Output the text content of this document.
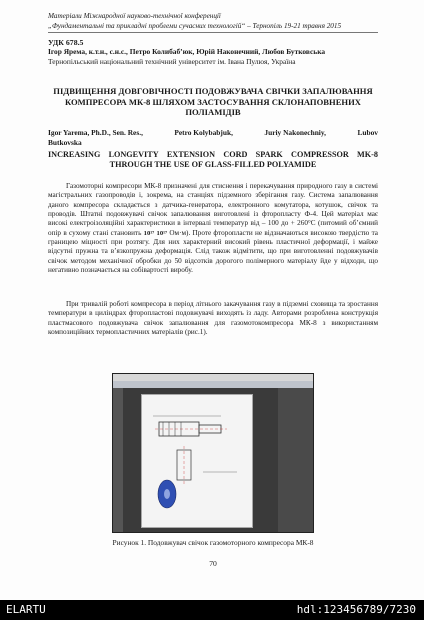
Матеріали Міжнародної науково-технічної конференції
„Фундаментальні та прикладні проблеми сучасних технологій“ – Тернопіль 19-21 травня 2015
УДК 678.5
Ігор Ярема, к.т.н., с.н.с., Петро Колибаб’юк, Юрій Наконечний, Любов Бутковська
Тернопільський національний технічний університет ім. Івана Пулюя, Україна
ПІДВИЩЕННЯ ДОВГОВІЧНОСТІ ПОДОВЖУВАЧА СВІЧКИ ЗАПАЛЮВАННЯ КОМПРЕСОРА МК-8 ШЛЯХОМ ЗАСТОСУВАННЯ СКЛОНАПОВНЕНИХ ПОЛІАМІДІВ
Igor Yarema, Ph.D., Sen. Res.,	Petro Kolybabjuk,	Juriy Nakonechniy,	Lubov
Butkovska
INCREASING LONGEVITY EXTENSION CORD SPARK COMPRESSOR MK-8
THROUGH THE USE OF GLASS-FILLED POLYAMIDE
Газомоторні компресори МК-8 призначені для стиснення і перекачування природного газу в системі магістральних газопроводів і, зокрема, на станціях підземного зберігання газу. Система запалювання даного компресора складається з датчика-генератора, електронного комутатора, котушок, свічок та проводів. Штатні подовжувачі свічок запалювання виготовлені із фторопласту Ф-4. Цей матеріал має високі електроізоляційні характеристики в інтервалі температур від – 100 до + 260°С (питомий об’ємний опір в сухому стані становить 10¹⁷ 10¹⁷ Ом·м). Проте фторопласти не відзначаються високою твердістю та границею міцності при розтягу. Для них характерний високий рівень пластичної деформації, і майже відсутні пружна та в’язкопружна деформація. Слід також відмітити, що при виготовленні подовжувачів свічок методом механічної обробки до 50 відсотків дорогого полімерного матеріалу йде у відходи, що негативно позначається на собівартості виробу.
При тривалій роботі компресора в період літнього закачування газу в підземні сховища та зростання температури в циліндрах фторопластові подовжувачі виходять із ладу. Авторами розроблена конструкція пластмасового подовжувача свічок запалювання для газомотокомпресора МК-8 з використанням композиційних термопластичних матеріалів (рис.1).
Рисунок 1. Подовжувач свічок газомоторного компресора МК-8
70
ELARTU	hdl:123456789/7230
